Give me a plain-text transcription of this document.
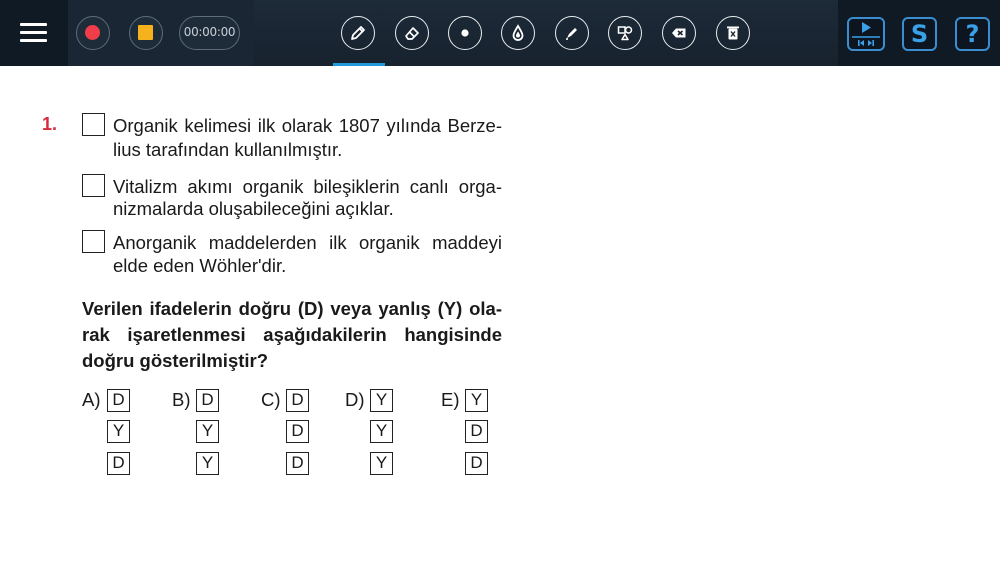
00:00:00	S ?
1.	Organik kelimesi ilk olarak 1807 yılında Berze-
lius tarafından kullanılmıştır.
Vitalizm akımı organik bileşiklerin canlı orga-
nizmalarda oluşabileceğini açıklar.
Anorganik maddelerden ilk organik maddeyi
elde eden Wöhler'dir.
Verilen ifadelerin doğru (D) veya yanlış (Y) ola-
rak işaretlenmesi aşağıdakilerin hangisinde
doğru gösterilmiştir?
A) D
Y
D
B) D
Y
Y
C) D
D
D
D) Y
Y
Y
E) Y
D
D
